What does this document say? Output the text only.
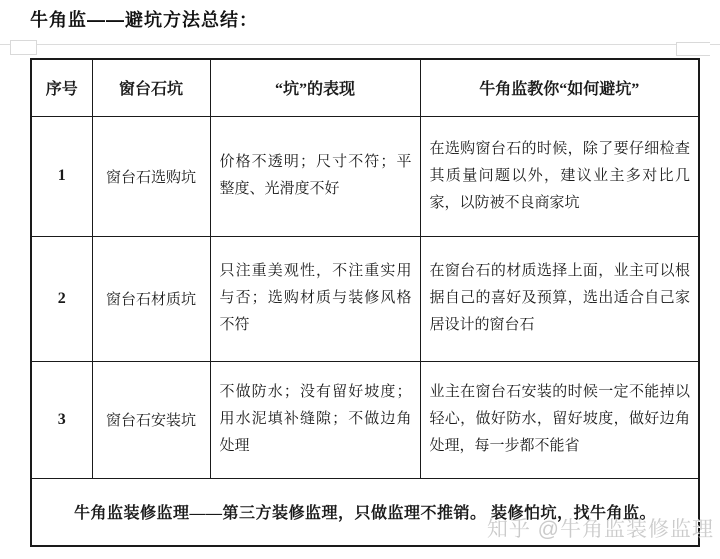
牛角监——避坑方法总结：
序号	窗台石坑	“坑”的表现	牛角监教你“如何避坑”
1	窗台石选购坑	价格不透明；尺寸不符；平整度、光滑度不好	在选购窗台石的时候，除了要仔细检查其质量问题以外，建议业主多对比几家，以防被不良商家坑
2	窗台石材质坑	只注重美观性，不注重实用与否；选购材质与装修风格不符	在窗台石的材质选择上面，业主可以根据自己的喜好及预算，选出适合自己家居设计的窗台石
3	窗台石安装坑	不做防水；没有留好坡度；用水泥填补缝隙；不做边角处理	业主在窗台石安装的时候一定不能掉以轻心，做好防水，留好坡度，做好边角处理，每一步都不能省
牛角监装修监理——第三方装修监理，只做监理不推销。 装修怕坑，找牛角监。			
知乎 @牛角监装修监理
